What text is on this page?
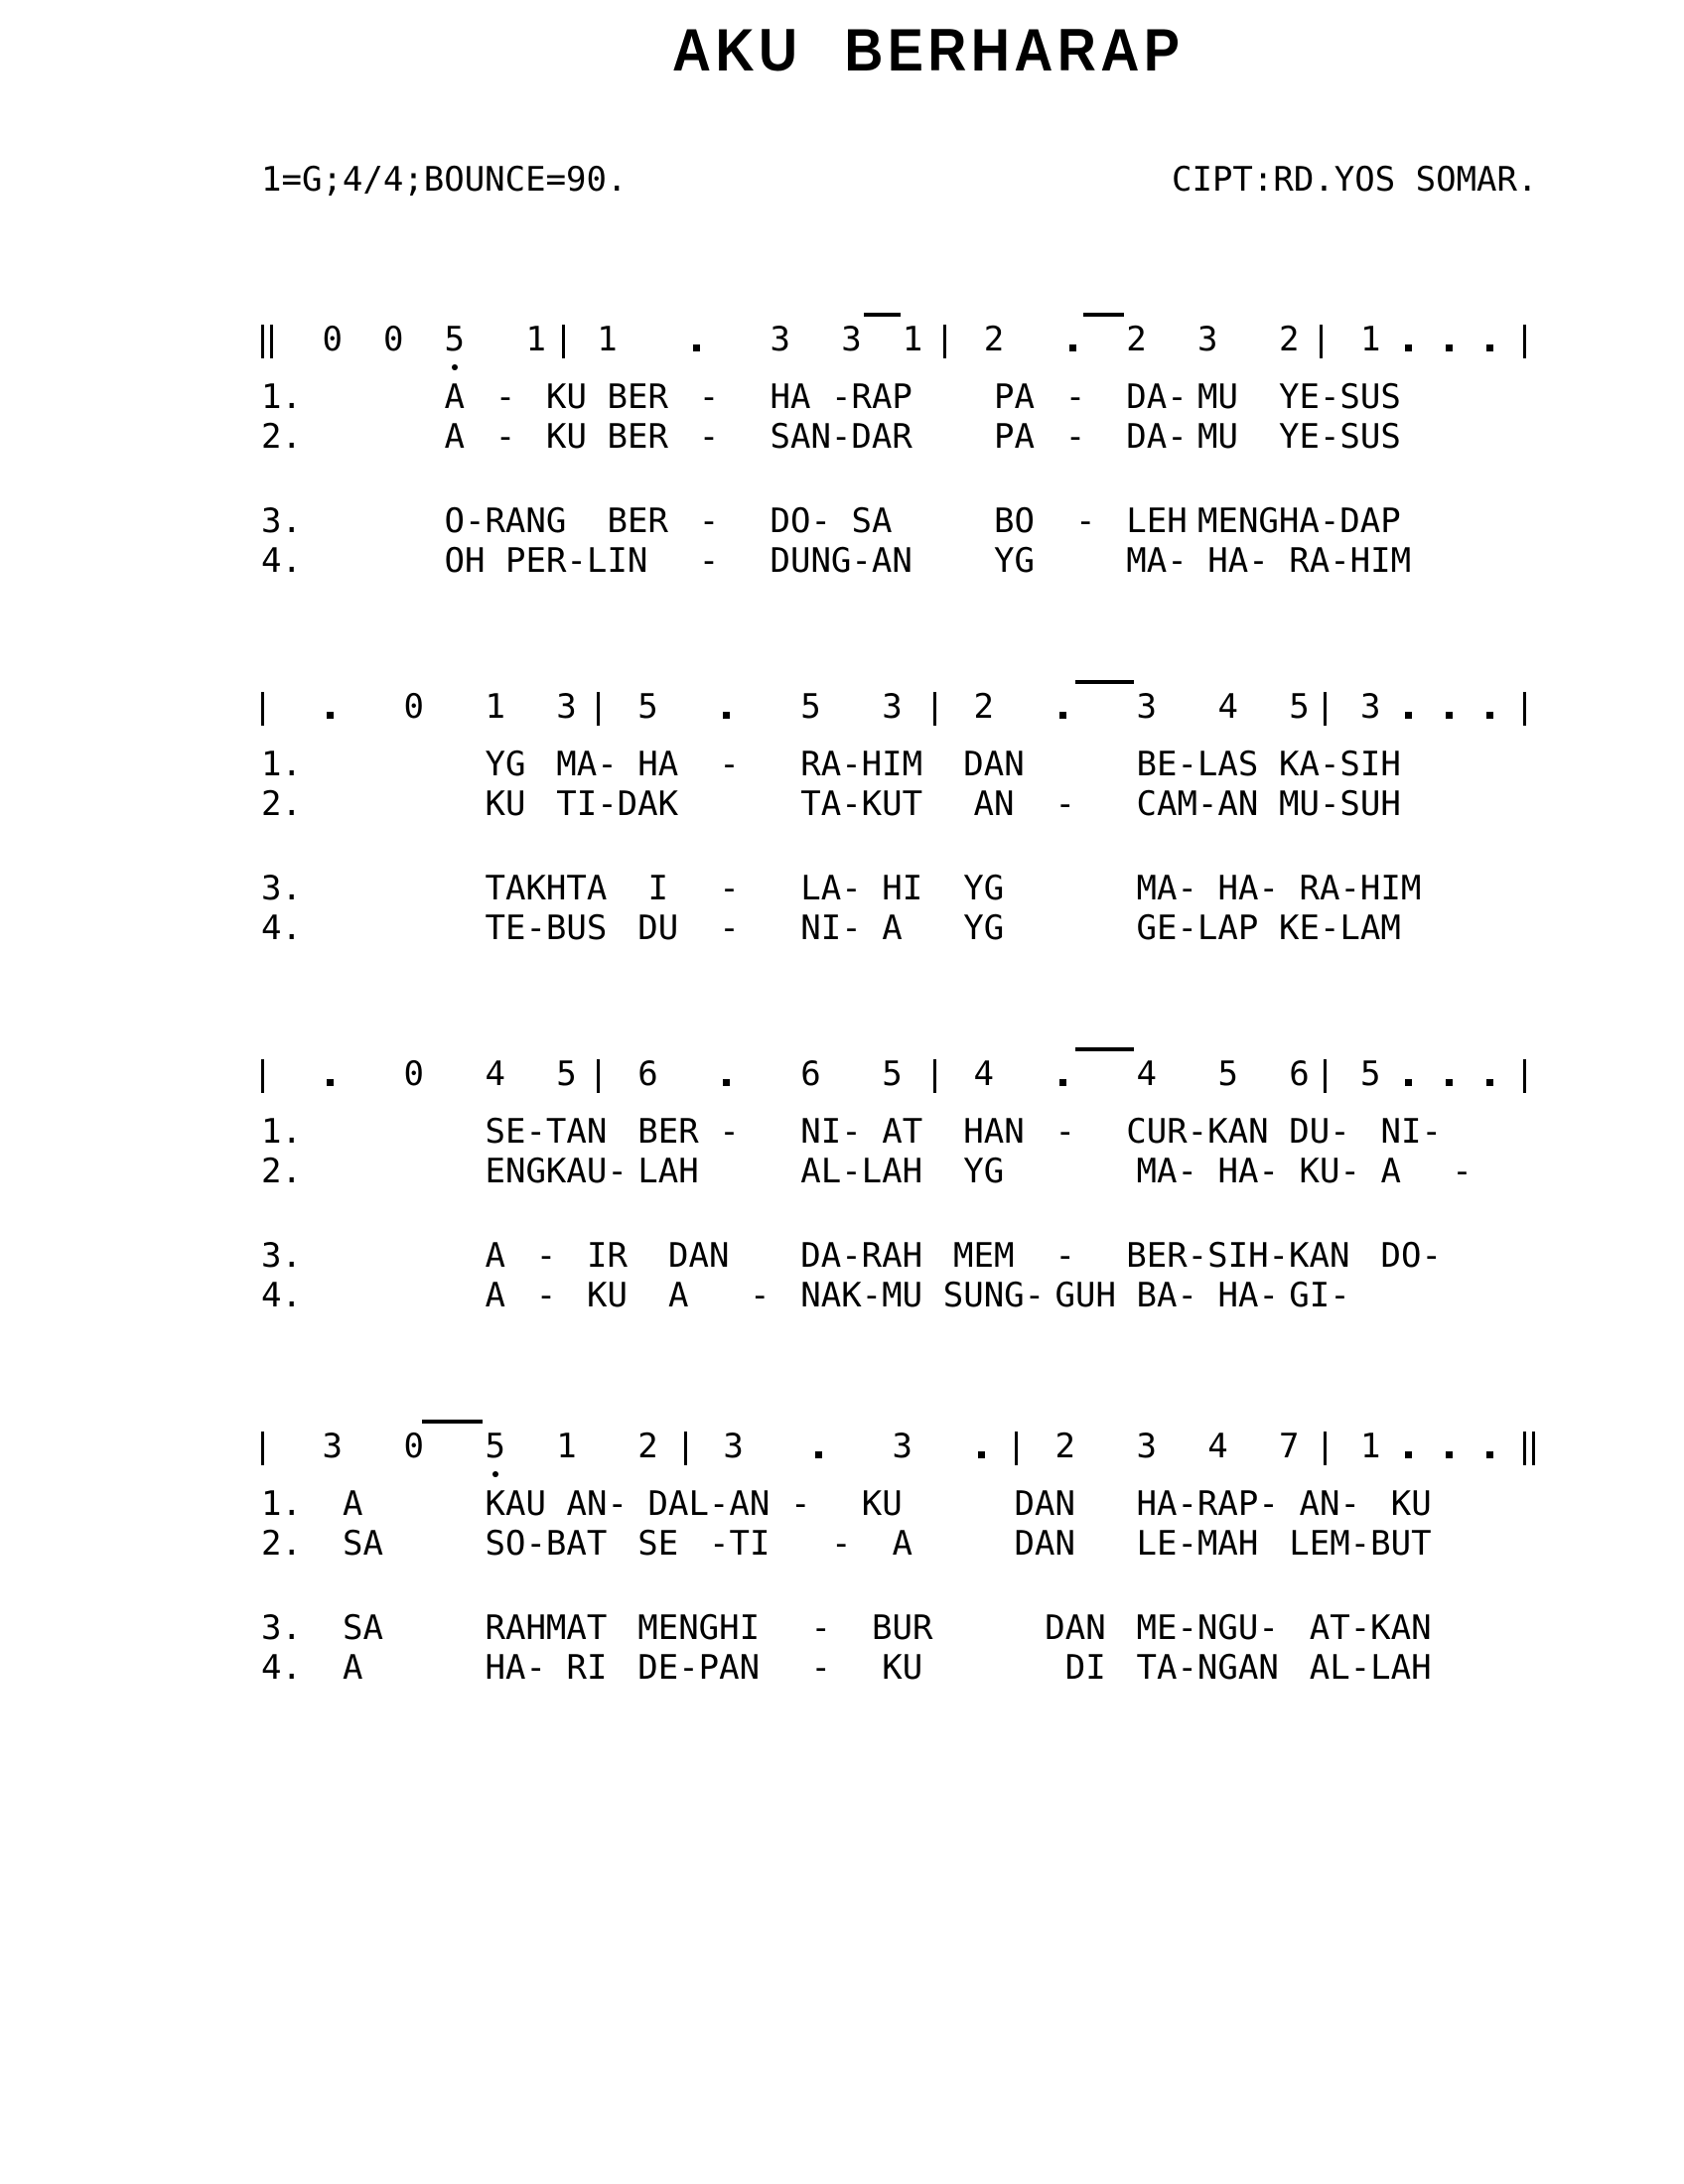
AKU BERHARAP
1=G;4/4;BOUNCE=90.	CIPT:RD.YOS SOMAR.
0 0 5 1 1	3 3 1 2	2 3 2 1
1.	A - KU BER - HA -RAP PA - DA- MU YE-SUS
2.	A - KU BER - SAN-DAR PA - DA- MU YE-SUS
3.	O-RANG BER - DO- SA	BO - LEH MENGHA-DAP
4.	OH PER-LIN - DUNG-AN YG	MA- HA- RA-HIM
0 1 3 5	5 3 2	3 4 5 3
1.	YG MA- HA - RA-HIM DAN	BE-LAS KA-SIH
2.	KU TI-DAK	TA-KUT AN - CAM-AN MU-SUH
3.	TAKHTA I - LA- HI YG	MA- HA- RA-HIM
4.	TE-BUS DU - NI- A YG	GE-LAP KE-LAM
0 4 5 6	6 5 4	4 5 6 5
1.	SE-TAN BER - NI- AT HAN - CUR-KAN DU- NI-
2.	ENGKAU- LAH	AL-LAH YG	MA- HA- KU- A -
3.	A - IR DAN DA-RAH MEM - BER-SIH-KAN DO-
4.	A - KU A - NAK-MU SUNG- GUH BA- HA- GI-
3 0 5 1 2 3	3	2 3 4 7 1
1. A	KAU AN- DAL-AN - KU	DAN HA-RAP- AN- KU
2. SA	SO-BAT SE -TI - A	DAN LE-MAH LEM-BUT
3. SA	RAHMAT MENGHI - BUR	DAN ME-NGU- AT-KAN
4. A	HA- RI DE-PAN - KU	DI TA-NGAN AL-LAH
